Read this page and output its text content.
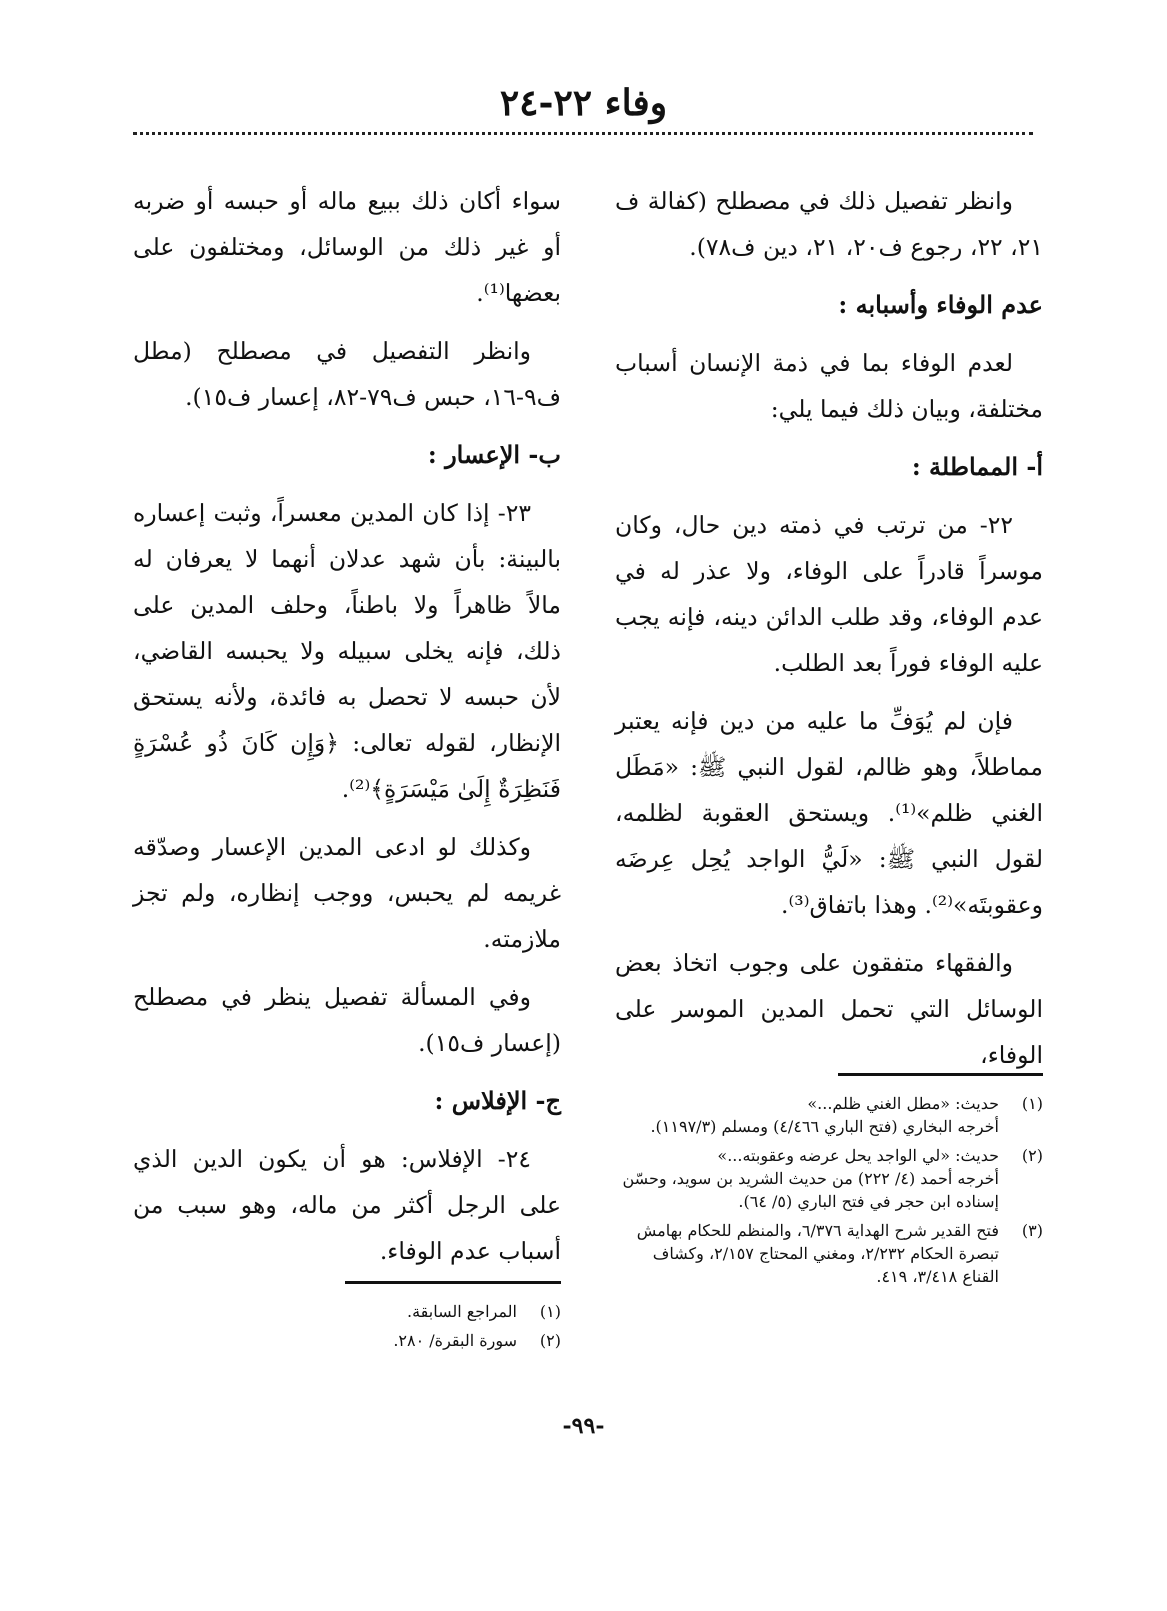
وفاء ٢٢-٢٤

وانظر تفصيل ذلك في مصطلح (كفالة ف ٢١، ٢٢، رجوع ف٢٠، ٢١، دين ف٧٨).

عدم الوفاء وأسبابه :

لعدم الوفاء بما في ذمة الإنسان أسباب مختلفة، وبيان ذلك فيما يلي:

أ- المماطلة :

٢٢- من ترتب في ذمته دين حال، وكان موسراً قادراً على الوفاء، ولا عذر له في عدم الوفاء، وقد طلب الدائن دينه، فإنه يجب عليه الوفاء فوراً بعد الطلب.

فإن لم يُوَفِّ ما عليه من دين فإنه يعتبر مماطلاً، وهو ظالم، لقول النبي ﷺ: «مَطَل الغني ظلم»⁽¹⁾. ويستحق العقوبة لظلمه، لقول النبي ﷺ: «لَيُّ الواجد يُحِل عِرضَه وعقوبتَه»⁽²⁾. وهذا باتفاق⁽³⁾.

والفقهاء متفقون على وجوب اتخاذ بعض الوسائل التي تحمل المدين الموسر على الوفاء،

سواء أكان ذلك ببيع ماله أو حبسه أو ضربه أو غير ذلك من الوسائل، ومختلفون على بعضها⁽¹⁾.

وانظر التفصيل في مصطلح (مطل ف٩-١٦، حبس ف٧٩-٨٢، إعسار ف١٥).

ب- الإعسار :

٢٣- إذا كان المدين معسراً، وثبت إعساره بالبينة: بأن شهد عدلان أنهما لا يعرفان له مالاً ظاهراً ولا باطناً، وحلف المدين على ذلك، فإنه يخلى سبيله ولا يحبسه القاضي، لأن حبسه لا تحصل به فائدة، ولأنه يستحق الإنظار، لقوله تعالى: ﴿وَإِن كَانَ ذُو عُسْرَةٍ فَنَظِرَةٌ إِلَىٰ مَيْسَرَةٍ﴾⁽²⁾.

وكذلك لو ادعى المدين الإعسار وصدّقه غريمه لم يحبس، ووجب إنظاره، ولم تجز ملازمته.

وفي المسألة تفصيل ينظر في مصطلح (إعسار ف١٥).

ج- الإفلاس :

٢٤- الإفلاس: هو أن يكون الدين الذي على الرجل أكثر من ماله، وهو سبب من أسباب عدم الوفاء.

(١)
حديث: «مطل الغني ظلم...»
أخرجه البخاري (فتح الباري ٤/٤٦٦) ومسلم (١١٩٧/٣).
(٢)
حديث: «لي الواجد يحل عرضه وعقوبته...»
أخرجه أحمد (٤/ ٢٢٢) من حديث الشريد بن سويد، وحسّن إسناده ابن حجر في فتح الباري (٥/ ٦٤).
(٣)
فتح القدير شرح الهداية ٦/٣٧٦، والمنظم للحكام بهامش تبصرة الحكام ٢/٢٣٢، ومغني المحتاج ٢/١٥٧، وكشاف القناع ٣/٤١٨، ٤١٩.
(١)
المراجع السابقة.
(٢)
سورة البقرة/ ٢٨٠.
-٩٩-
